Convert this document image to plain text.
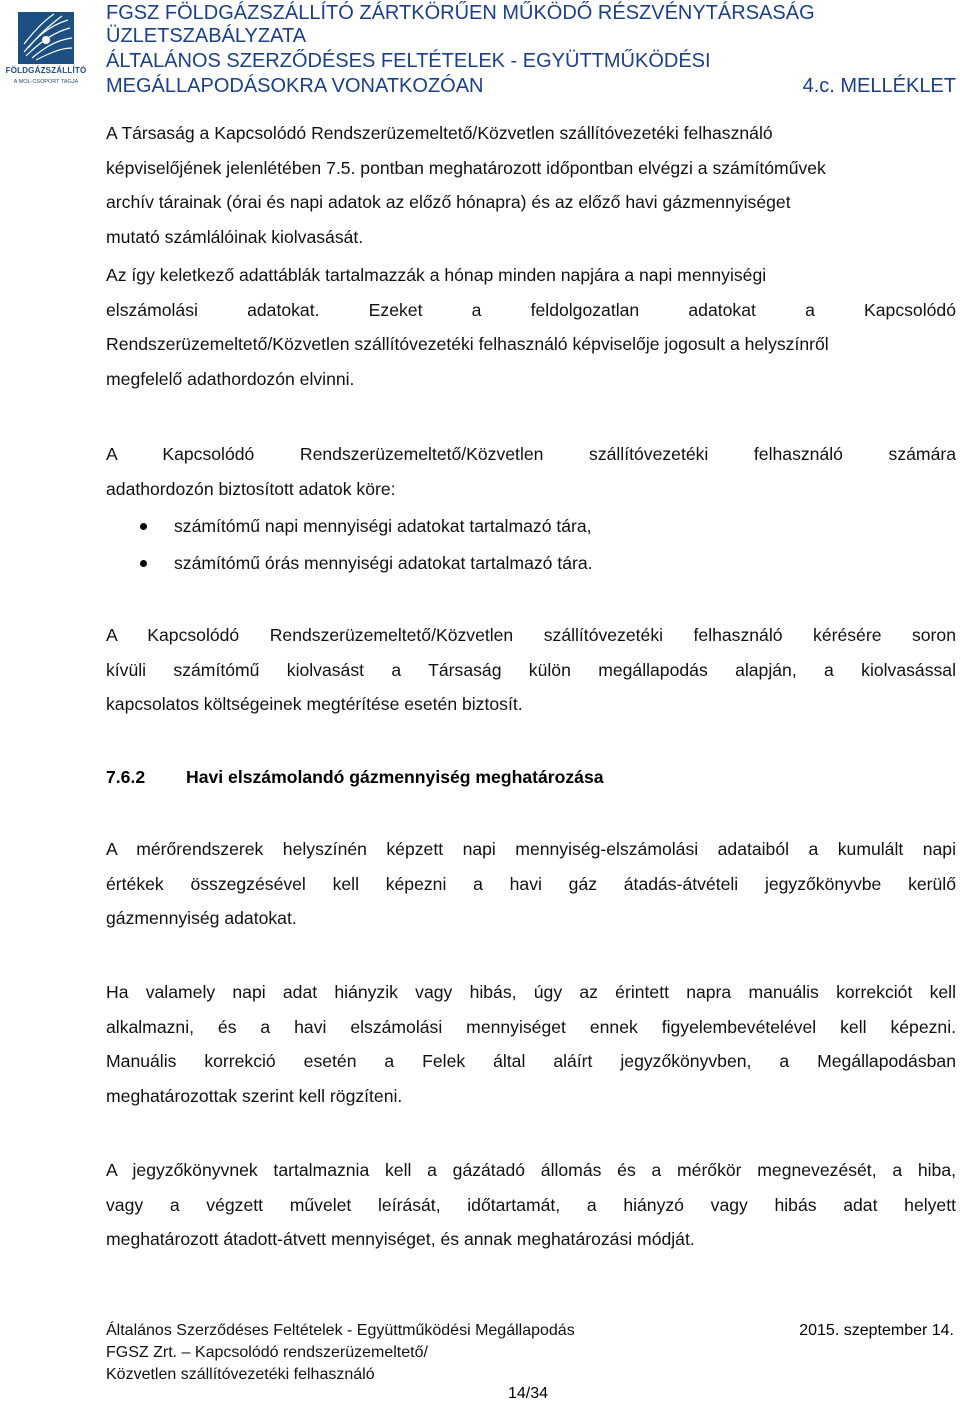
FÖLDGÁZSZÁLLÍTÓ
A MOL-CSOPORT TAGJA
FGSZ FÖLDGÁZSZÁLLÍTÓ ZÁRTKÖRŰEN MŰKÖDŐ RÉSZVÉNYTÁRSASÁG
ÜZLETSZABÁLYZATA
ÁLTALÁNOS SZERZŐDÉSES FELTÉTELEK - EGYÜTTMŰKÖDÉSI
MEGÁLLAPODÁSOKRA VONATKOZÓAN	4.c. MELLÉKLET
A Társaság a Kapcsolódó Rendszerüzemeltető/Közvetlen szállítóvezetéki felhasználó
képviselőjének jelenlétében 7.5. pontban meghatározott időpontban elvégzi a számítóművek
archív tárainak (órai és napi adatok az előző hónapra) és az előző havi gázmennyiséget
mutató számlálóinak kiolvasását.
Az így keletkező adattáblák tartalmazzák a hónap minden napjára a napi mennyiségi
elszámolási adatokat. Ezeket a feldolgozatlan adatokat a Kapcsolódó
Rendszerüzemeltető/Közvetlen szállítóvezetéki felhasználó képviselője jogosult a helyszínről
megfelelő adathordozón elvinni.
A Kapcsolódó Rendszerüzemeltető/Közvetlen szállítóvezetéki felhasználó számára
adathordozón biztosított adatok köre:
számítómű napi mennyiségi adatokat tartalmazó tára,
számítómű órás mennyiségi adatokat tartalmazó tára.
A Kapcsolódó Rendszerüzemeltető/Közvetlen szállítóvezetéki felhasználó kérésére soron
kívüli számítómű kiolvasást a Társaság külön megállapodás alapján, a kiolvasással
kapcsolatos költségeinek megtérítése esetén biztosít.
7.6.2 Havi elszámolandó gázmennyiség meghatározása
A mérőrendszerek helyszínén képzett napi mennyiség-elszámolási adataiból a kumulált napi
értékek összegzésével kell képezni a havi gáz átadás-átvételi jegyzőkönyvbe kerülő
gázmennyiség adatokat.
Ha valamely napi adat hiányzik vagy hibás, úgy az érintett napra manuális korrekciót kell
alkalmazni, és a havi elszámolási mennyiséget ennek figyelembevételével kell képezni.
Manuális korrekció esetén a Felek által aláírt jegyzőkönyvben, a Megállapodásban
meghatározottak szerint kell rögzíteni.
A jegyzőkönyvnek tartalmaznia kell a gázátadó állomás és a mérőkör megnevezését, a hiba,
vagy a végzett művelet leírását, időtartamát, a hiányzó vagy hibás adat helyett
meghatározott átadott-átvett mennyiséget, és annak meghatározási módját.
Általános Szerződéses Feltételek - Együttműködési Megállapodás	2015. szeptember 14.
FGSZ Zrt. – Kapcsolódó rendszerüzemeltető/
Közvetlen szállítóvezetéki felhasználó
14/34
